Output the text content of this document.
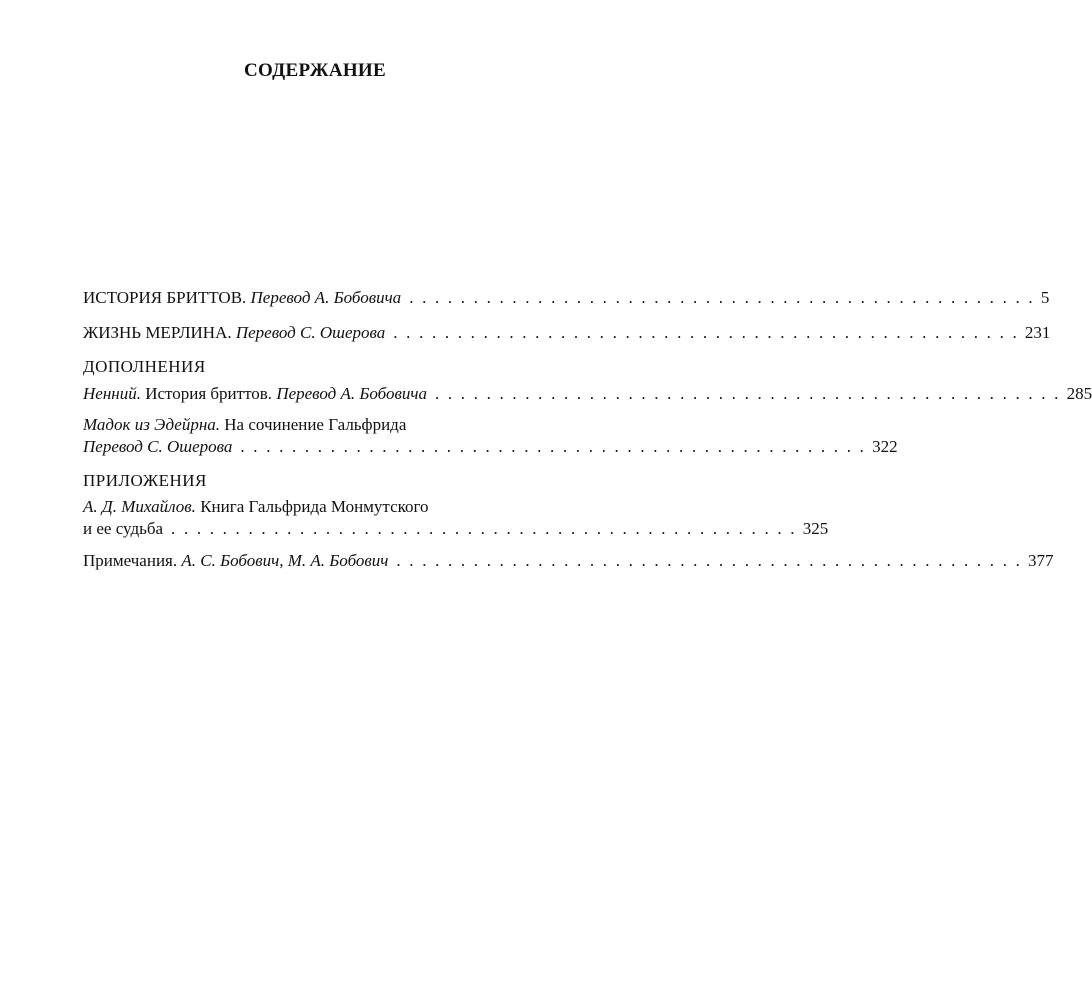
СОДЕРЖАНИЕ
ИСТОРИЯ БРИТТОВ. Перевод А. Бобовича . . . . . . . . . . . . . . . . . . . . . . . . . . . . . . . . . . . . . . . . . . . . . . . . . 5
ЖИЗНЬ МЕРЛИНА. Перевод С. Ошерова . . . . . . . . . . . . . . . . . . . . . . . . . . . . . . . . . . . . . . . . . . . . . . . . . 231
ДОПОЛНЕНИЯ
Ненний. История бриттов. Перевод А. Бобовича . . . . . . . . . . . . . . . . . . . . . . . . . . . . . . . . . . . . . . . . . . . . . . . . . 285
Мадок из Эдейрна. На сочинение Гальфрида
Перевод С. Ошерова . . . . . . . . . . . . . . . . . . . . . . . . . . . . . . . . . . . . . . . . . . . . . . . . . 322
ПРИЛОЖЕНИЯ
А. Д. Михайлов. Книга Гальфрида Монмутского
и ее судьба . . . . . . . . . . . . . . . . . . . . . . . . . . . . . . . . . . . . . . . . . . . . . . . . . 325
Примечания. А. С. Бобович, М. А. Бобович . . . . . . . . . . . . . . . . . . . . . . . . . . . . . . . . . . . . . . . . . . . . . . . . . 377
